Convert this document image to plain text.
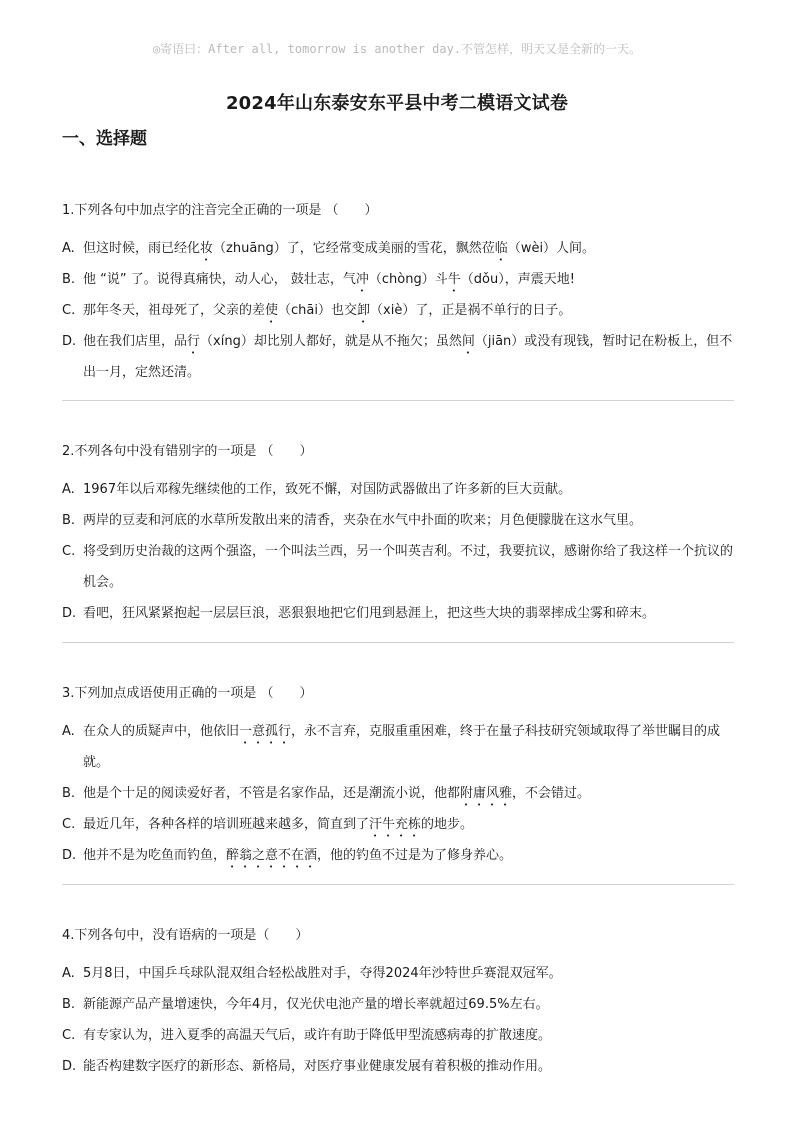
◎寄语曰：After all, tomorrow is another day.不管怎样，明天又是全新的一天。
2024年山东泰安东平县中考二模语文试卷
一、选择题
1.下列各句中加点字的注音完全正确的一项是 （　　）
A. 但这时候，雨已经化妆（zhuāng）了，它经常变成美丽的雪花，飘然莅临（wèi）人间。
B. 他 “说” 了。说得真痛快，动人心， 鼓壮志，气冲（chòng）斗牛（dǒu），声震天地!
C. 那年冬天，祖母死了，父亲的差使（chāi）也交卸（xiè）了，正是祸不单行的日子。
D. 他在我们店里，品行（xíng）却比别人都好，就是从不拖欠；虽然间（jiān）或没有现钱，暂时记在粉板上，但不出一月，定然还清。
2.不列各句中没有错别字的一项是 （　　）
A. 1967年以后邓稼先继续他的工作，致死不懈，对国防武器做出了许多新的巨大贡献。
B. 两岸的豆麦和河底的水草所发散出来的清香，夹杂在水气中扑面的吹来；月色便朦胧在这水气里。
C. 将受到历史治裁的这两个强盗，一个叫法兰西，另一个叫英吉利。不过，我要抗议，感谢你给了我这样一个抗议的机会。
D. 看吧，狂风紧紧抱起一层层巨浪，恶狠狠地把它们甩到悬涯上，把这些大块的翡翠摔成尘雾和碎末。
3.下列加点成语使用正确的一项是 （　　）
A. 在众人的质疑声中，他依旧一意孤行，永不言弃，克服重重困难，终于在量子科技研究领域取得了举世瞩目的成就。
B. 他是个十足的阅读爱好者，不管是名家作品，还是潮流小说，他都附庸风雅，不会错过。
C. 最近几年，各种各样的培训班越来越多，简直到了汗牛充栋的地步。
D. 他并不是为吃鱼而钓鱼，醉翁之意不在酒，他的钓鱼不过是为了修身养心。
4.下列各句中，没有语病的一项是（　　）
A. 5月8日，中国乒乓球队混双组合轻松战胜对手，夺得2024年沙特世乒赛混双冠军。
B. 新能源产品产量增速快，今年4月，仅光伏电池产量的增长率就超过69.5%左右。
C. 有专家认为，进入夏季的高温天气后，或许有助于降低甲型流感病毒的扩散速度。
D. 能否构建数字医疗的新形态、新格局，对医疗事业健康发展有着积极的推动作用。
